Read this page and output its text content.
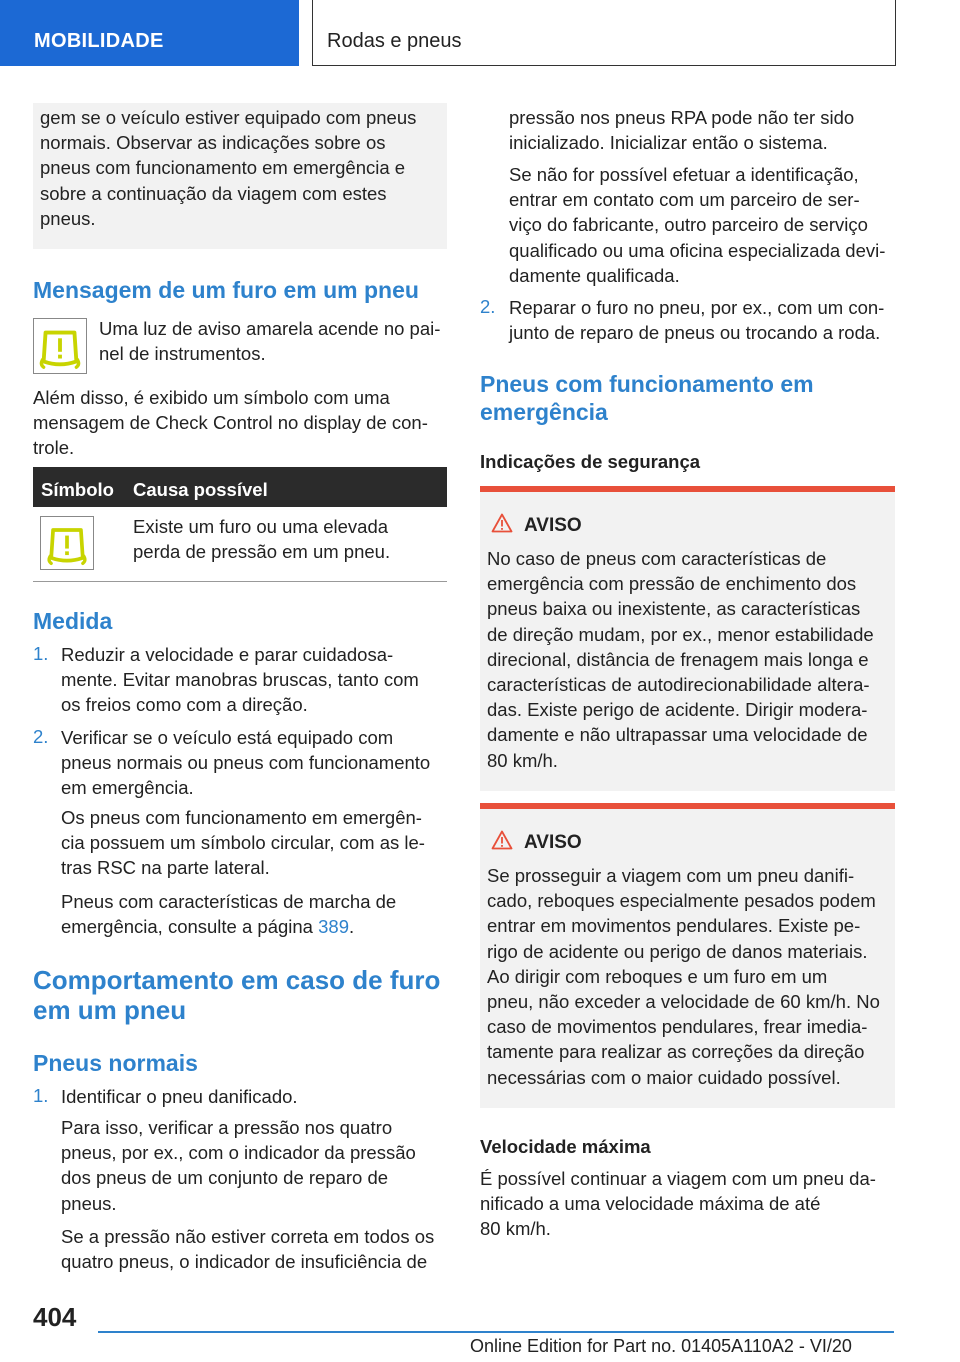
MOBILIDADE	Rodas e pneus
gem se o veículo estiver equipado com pneus
normais. Observar as indicações sobre os
pneus com funcionamento em emergência e
sobre a continuação da viagem com estes
pneus.
Mensagem de um furo em um pneu
Uma luz de aviso amarela acende no pai-
nel de instrumentos.
Além disso, é exibido um símbolo com uma
mensagem de Check Control no display de con-
trole.
Símbolo Causa possível
Existe um furo ou uma elevada
perda de pressão em um pneu.
Medida
1. Reduzir a velocidade e parar cuidadosa-
mente. Evitar manobras bruscas, tanto com
os freios como com a direção.
2. Verificar se o veículo está equipado com
pneus normais ou pneus com funcionamento
em emergência.
Os pneus com funcionamento em emergên-
cia possuem um símbolo circular, com as le-
tras RSC na parte lateral.
Pneus com características de marcha de
emergência, consulte a página 389.
Comportamento em caso de furo
em um pneu
Pneus normais
1. Identificar o pneu danificado.
Para isso, verificar a pressão nos quatro
pneus, por ex., com o indicador da pressão
dos pneus de um conjunto de reparo de
pneus.
Se a pressão não estiver correta em todos os
quatro pneus, o indicador de insuficiência de
pressão nos pneus RPA pode não ter sido
inicializado. Inicializar então o sistema.
Se não for possível efetuar a identificação,
entrar em contato com um parceiro de ser-
viço do fabricante, outro parceiro de serviço
qualificado ou uma oficina especializada devi-
damente qualificada.
2. Reparar o furo no pneu, por ex., com um con-
junto de reparo de pneus ou trocando a roda.
Pneus com funcionamento em
emergência
Indicações de segurança
AVISO
No caso de pneus com características de
emergência com pressão de enchimento dos
pneus baixa ou inexistente, as características
de direção mudam, por ex., menor estabilidade
direcional, distância de frenagem mais longa e
características de autodirecionabilidade altera-
das. Existe perigo de acidente. Dirigir modera-
damente e não ultrapassar uma velocidade de
80 km/h.
AVISO
Se prosseguir a viagem com um pneu danifi-
cado, reboques especialmente pesados podem
entrar em movimentos pendulares. Existe pe-
rigo de acidente ou perigo de danos materiais.
Ao dirigir com reboques e um furo em um
pneu, não exceder a velocidade de 60 km/h. No
caso de movimentos pendulares, frear imedia-
tamente para realizar as correções da direção
necessárias com o maior cuidado possível.
Velocidade máxima
É possível continuar a viagem com um pneu da-
nificado a uma velocidade máxima de até
80 km/h.
404
Online Edition for Part no. 01405A110A2 - VI/20
